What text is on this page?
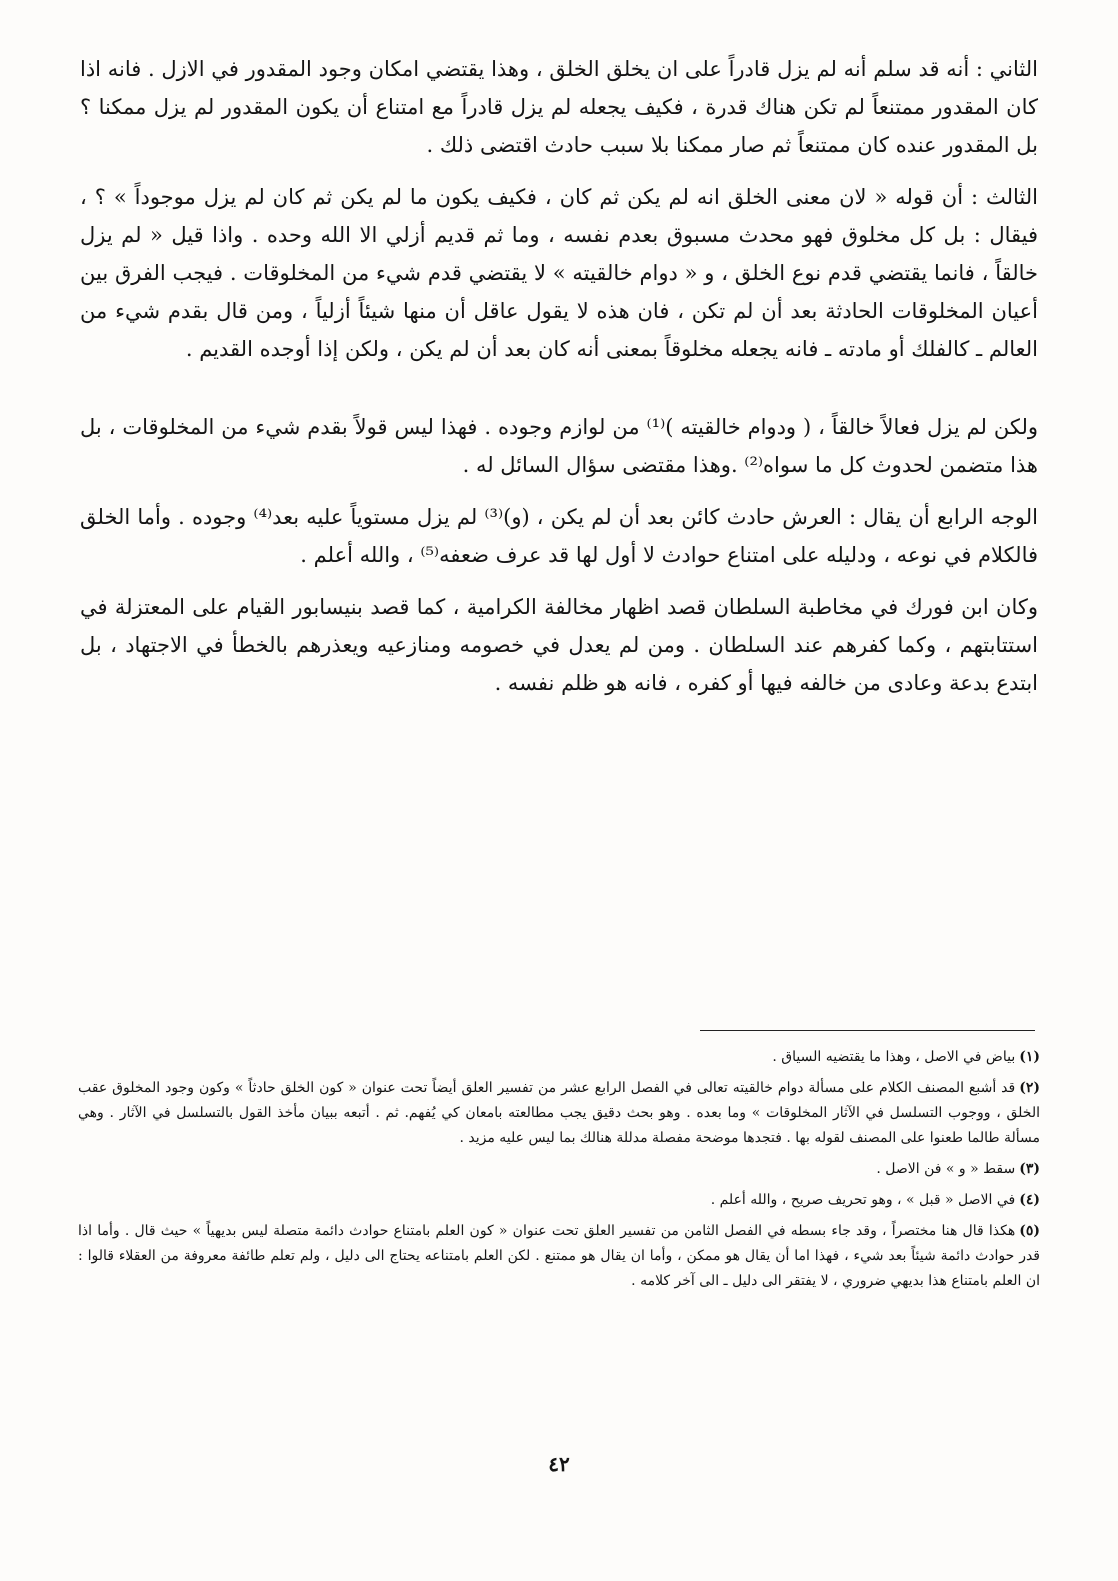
الثاني : أنه قد سلم أنه لم يزل قادراً على ان يخلق الخلق ، وهذا يقتضي امكان وجود المقدور في الازل . فانه اذا كان المقدور ممتنعاً لم تكن هناك قدرة ، فكيف يجعله لم يزل قادراً مع امتناع أن يكون المقدور لم يزل ممكنا ؟ بل المقدور عنده كان ممتنعاً ثم صار ممكنا بلا سبب حادث اقتضى ذلك .

الثالث : أن قوله « لان معنى الخلق انه لم يكن ثم كان ، فكيف يكون ما لم يكن ثم كان لم يزل موجوداً » ؟ ، فيقال : بل كل مخلوق فهو محدث مسبوق بعدم نفسه ، وما ثم قديم أزلي الا الله وحده . واذا قيل « لم يزل خالقاً ، فانما يقتضي قدم نوع الخلق ، و « دوام خالقيته » لا يقتضي قدم شيء من المخلوقات . فيجب الفرق بين أعيان المخلوقات الحادثة بعد أن لم تكن ، فان هذه لا يقول عاقل أن منها شيئاً أزلياً ، ومن قال بقدم شيء من العالم ـ كالفلك أو مادته ـ فانه يجعله مخلوقاً بمعنى أنه كان بعد أن لم يكن ، ولكن إذا أوجده القديم .

ولكن لم يزل فعالاً خالقاً ، ( ودوام خالقيته )⁽¹⁾ من لوازم وجوده . فهذا ليس قولاً بقدم شيء من المخلوقات ، بل هذا متضمن لحدوث كل ما سواه⁽²⁾ .وهذا مقتضى سؤال السائل له .

الوجه الرابع أن يقال : العرش حادث كائن بعد أن لم يكن ، (و)⁽³⁾ لم يزل مستوياً عليه بعد⁽⁴⁾ وجوده . وأما الخلق فالكلام في نوعه ، ودليله على امتناع حوادث لا أول لها قد عرف ضعفه⁽⁵⁾ ، والله أعلم .

وكان ابن فورك في مخاطبة السلطان قصد اظهار مخالفة الكرامية ، كما قصد بنيسابور القيام على المعتزلة في استتابتهم ، وكما كفرهم عند السلطان . ومن لم يعدل في خصومه ومنازعيه ويعذرهم بالخطأ في الاجتهاد ، بل ابتدع بدعة وعادى من خالفه فيها أو كفره ، فانه هو ظلم نفسه .

(١)بياض في الاصل ، وهذا ما يقتضيه السياق .

(٢)قد أشبع المصنف الكلام على مسألة دوام خالقيته تعالى في الفصل الرابع عشر من تفسير العلق أيضاً تحت عنوان « كون الخلق حادثاً » وكون وجود المخلوق عقب الخلق ، ووجوب التسلسل في الآثار المخلوقات » وما بعده . وهو بحث دقيق يجب مطالعته بامعان كي يُفهم. ثم . أتبعه ببيان مأخذ القول بالتسلسل في الآثار . وهي مسألة طالما طعنوا على المصنف لقوله بها . فتجدها موضحة مفصلة مدللة هنالك بما ليس عليه مزيد .

(٣)سقط « و » فن الاصل .

(٤)في الاصل « قبل » ، وهو تحريف صريح ، والله أعلم .

(٥)هكذا قال هنا مختصراً ، وقد جاء بسطه في الفصل الثامن من تفسير العلق تحت عنوان « كون العلم بامتناع حوادث دائمة متصلة ليس بديهياً » حيث قال . وأما اذا قدر حوادث دائمة شيئاً بعد شيء ، فهذا اما أن يقال هو ممكن ، وأما ان يقال هو ممتنع . لكن العلم بامتناعه يحتاج الى دليل ، ولم تعلم طائفة معروفة من العقلاء قالوا : ان العلم بامتناع هذا بديهي ضروري ، لا يفتقر الى دليل ـ الى آخر كلامه .

٤٢
